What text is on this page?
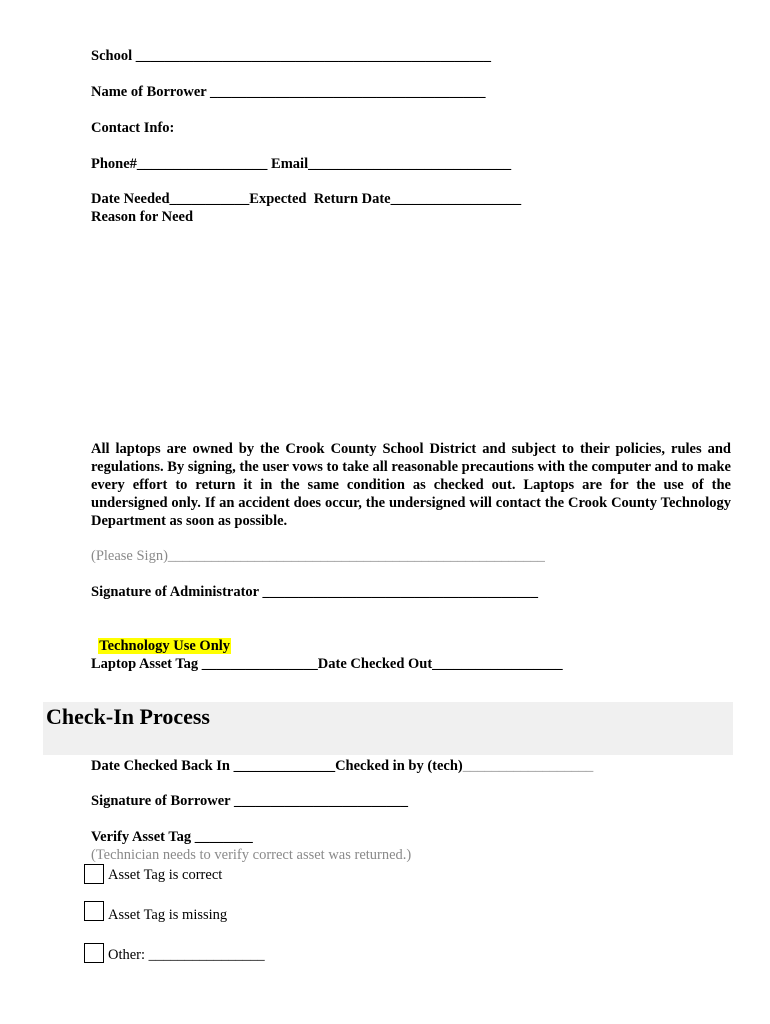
School _________________________________________________
Name of Borrower ______________________________________
Contact Info:
Phone#__________________ Email____________________________
Date Needed___________Expected  Return Date__________________
Reason for Need
All laptops are owned by the Crook County School District and subject to their policies, rules and regulations. By signing, the user vows to take all reasonable precautions with the computer and to make every effort to return it in the same condition as checked out. Laptops are for the use of the undersigned only. If an accident does occur, the undersigned will contact the Crook County Technology Department as soon as possible.
(Please Sign)____________________________________________________
Signature of Administrator ______________________________________

Technology Use Only

Laptop Asset Tag ________________Date Checked Out__________________
Check-In Process
Date Checked Back In ______________Checked in by (tech)__________________
Signature of Borrower ________________________
Verify Asset Tag ________
(Technician needs to verify correct asset was returned.)
Asset Tag is correct
Asset Tag is missing
Other: ________________
